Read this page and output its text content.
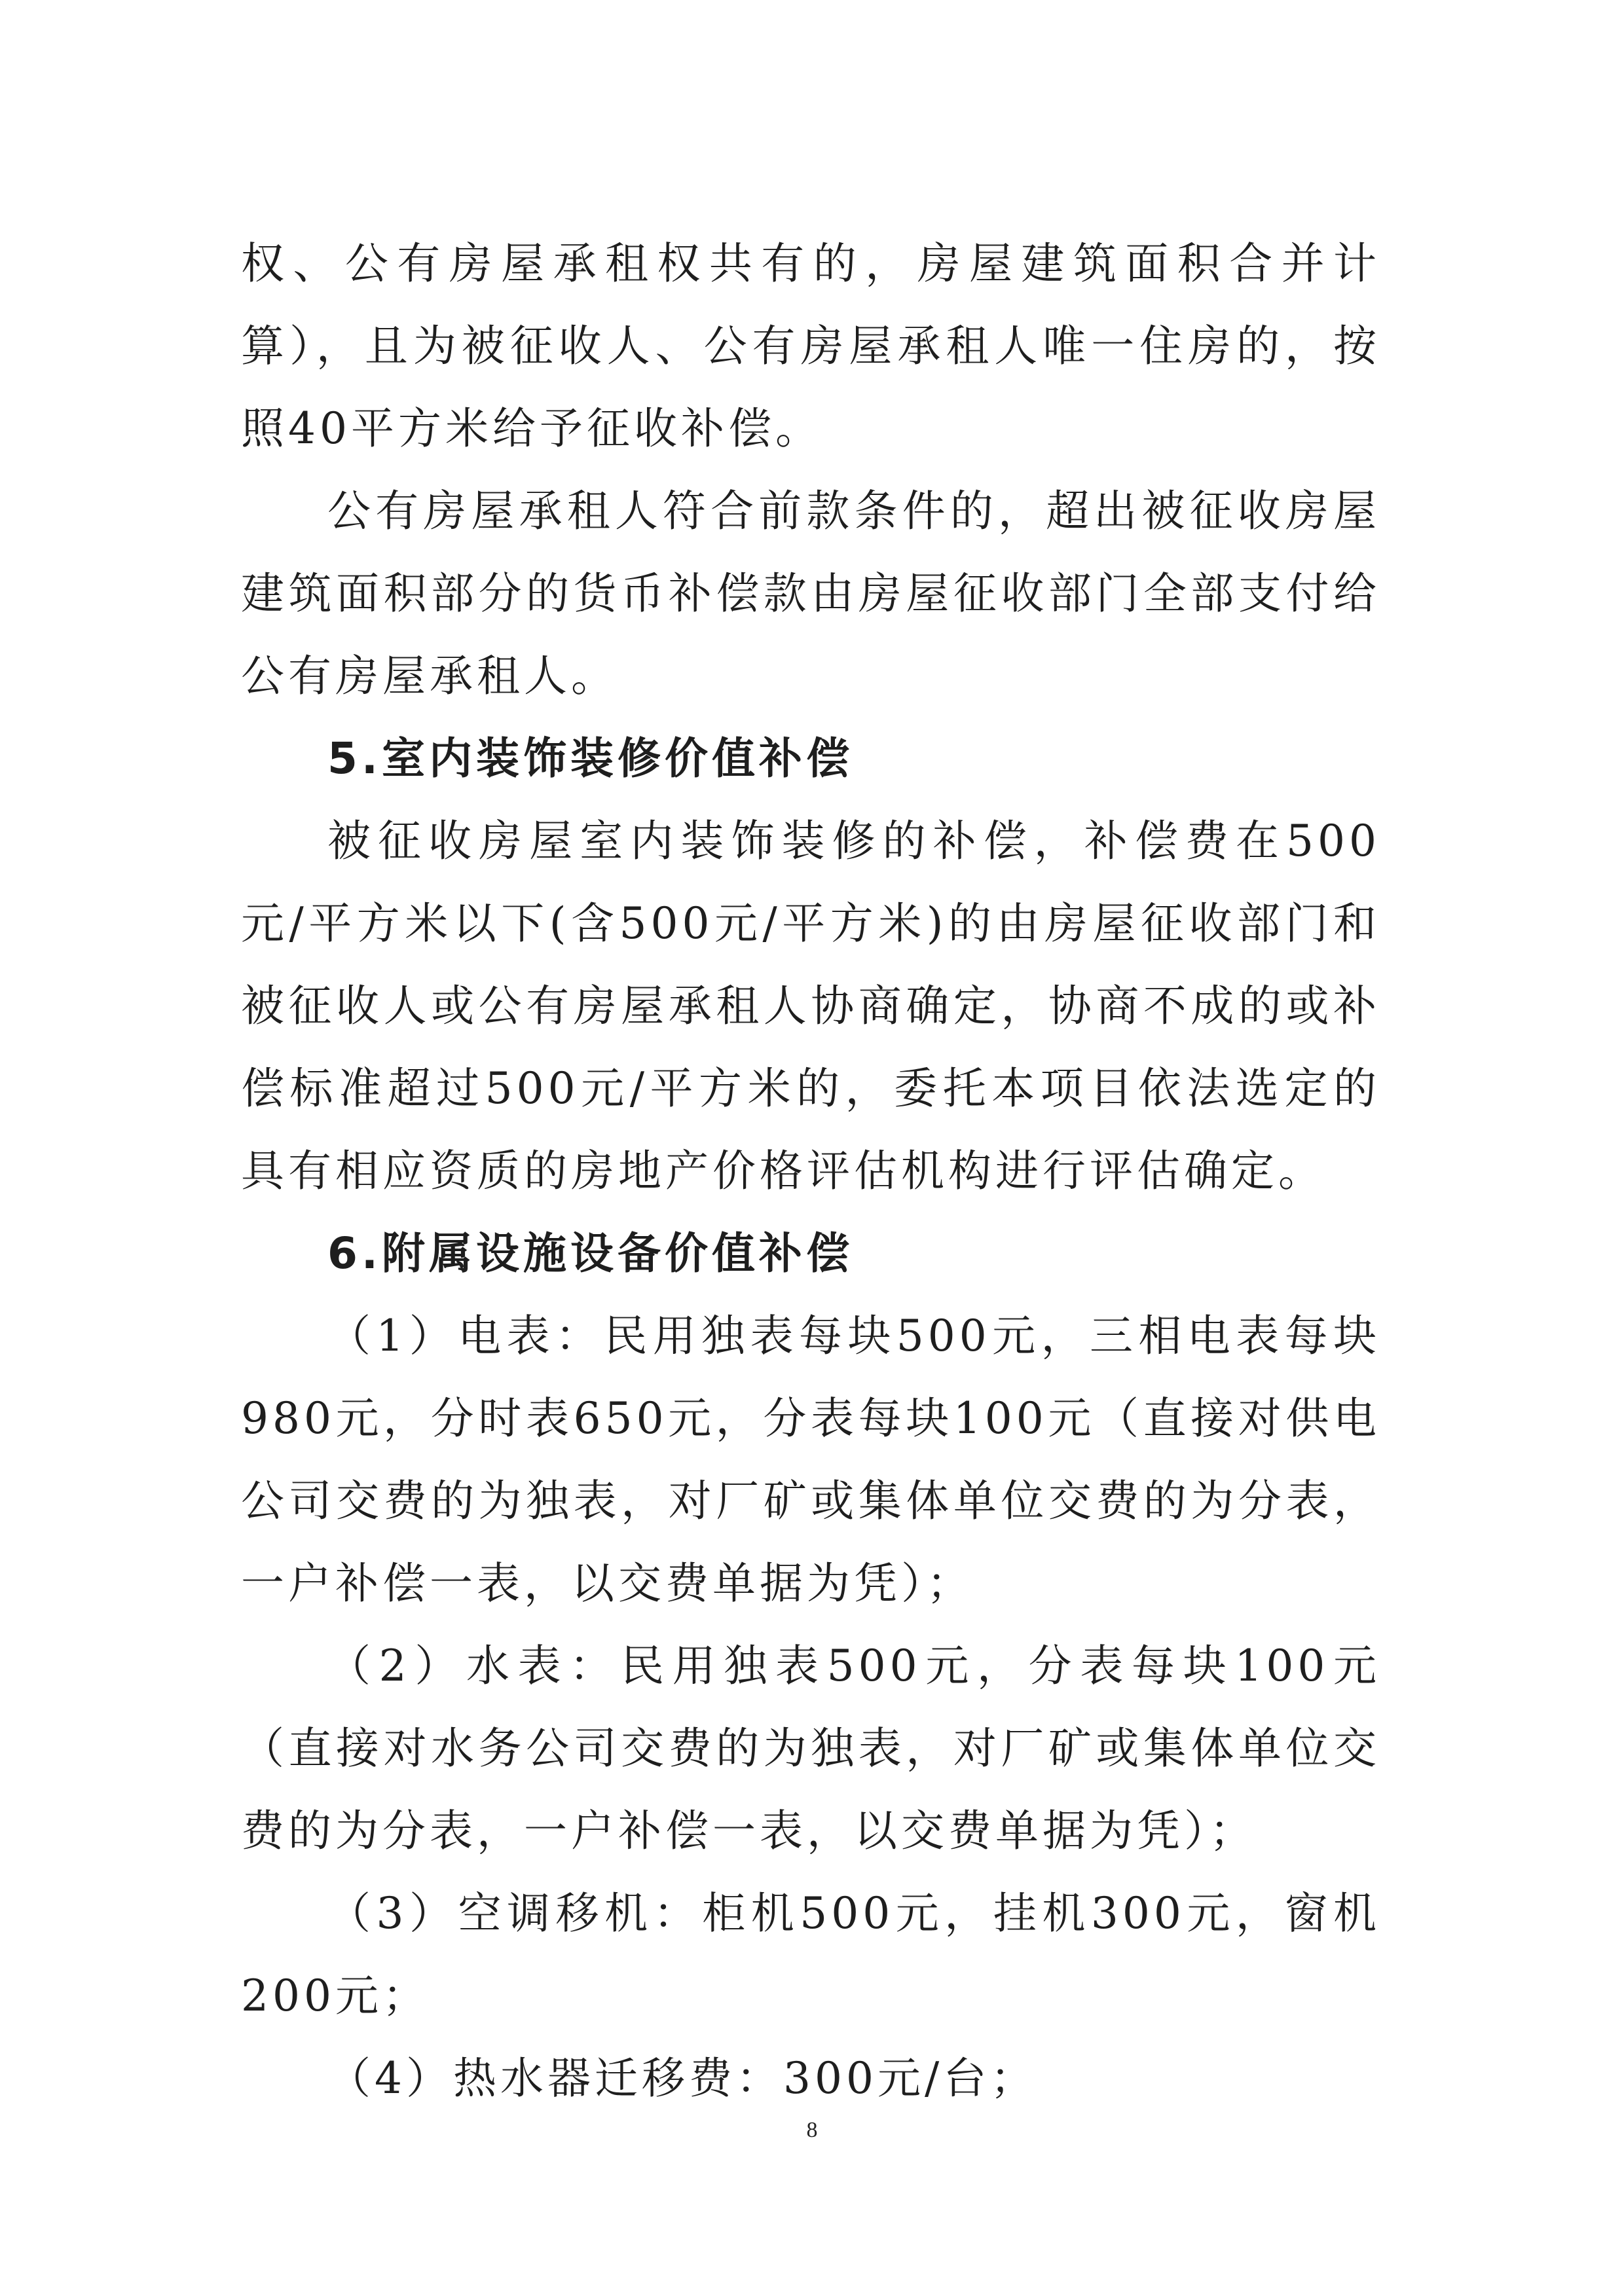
权、公有房屋承租权共有的，房屋建筑面积合并计算），且为被征收人、公有房屋承租人唯一住房的，按照40平方米给予征收补偿。

公有房屋承租人符合前款条件的，超出被征收房屋建筑面积部分的货币补偿款由房屋征收部门全部支付给公有房屋承租人。

5.室内装饰装修价值补偿

被征收房屋室内装饰装修的补偿，补偿费在500元/平方米以下(含500元/平方米)的由房屋征收部门和被征收人或公有房屋承租人协商确定，协商不成的或补偿标准超过500元/平方米的，委托本项目依法选定的具有相应资质的房地产价格评估机构进行评估确定。

6.附属设施设备价值补偿

（1）电表：民用独表每块500元，三相电表每块980元，分时表650元，分表每块100元（直接对供电公司交费的为独表，对厂矿或集体单位交费的为分表，一户补偿一表，以交费单据为凭）；

（2）水表：民用独表500元，分表每块100元（直接对水务公司交费的为独表，对厂矿或集体单位交费的为分表，一户补偿一表，以交费单据为凭）；

（3）空调移机：柜机500元，挂机300元，窗机200元；

（4）热水器迁移费：300元/台；

8
